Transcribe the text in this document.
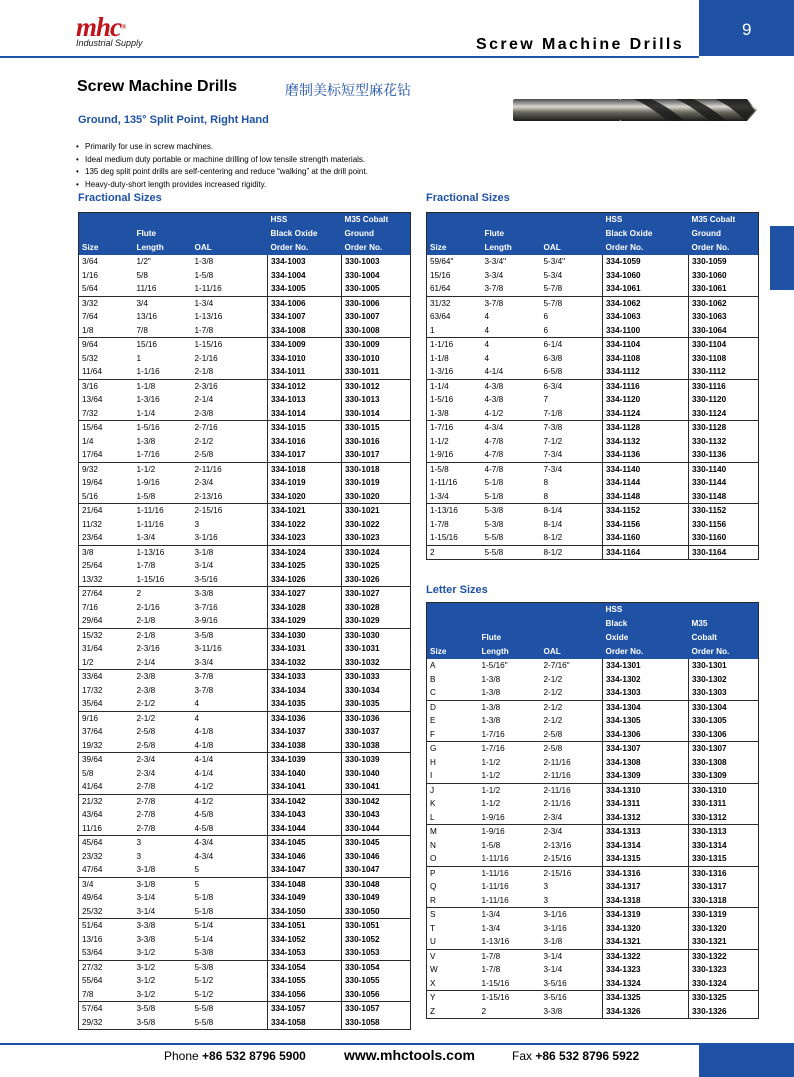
mhc®
Industrial Supply	Screw Machine Drills
9
Screw Machine Drills	磨制美标短型麻花钻
Ground, 135° Split Point, Right Hand
• Primarily for use in screw machines.
• Ideal medium duty portable or machine drilling of low tensile strength materials.
• 135 deg split point drills are self-centering and reduce “walking” at the drill point.
• Heavy-duty-short length provides increased rigidity.
Fractional Sizes	Fractional Sizes
Letter Sizes
			HSS	M35 Cobalt
	Flute		Black Oxide	Ground
Size	Length	OAL	Order No.	Order No.
3/64	1/2"	1-3/8	334-1003	330-1003
1/16	5/8	1-5/8	334-1004	330-1004
5/64	11/16	1-11/16	334-1005	330-1005
3/32	3/4	1-3/4	334-1006	330-1006
7/64	13/16	1-13/16	334-1007	330-1007
1/8	7/8	1-7/8	334-1008	330-1008
9/64	15/16	1-15/16	334-1009	330-1009
5/32	1	2-1/16	334-1010	330-1010
11/64	1-1/16	2-1/8	334-1011	330-1011
3/16	1-1/8	2-3/16	334-1012	330-1012
13/64	1-3/16	2-1/4	334-1013	330-1013
7/32	1-1/4	2-3/8	334-1014	330-1014
15/64	1-5/16	2-7/16	334-1015	330-1015
1/4	1-3/8	2-1/2	334-1016	330-1016
17/64	1-7/16	2-5/8	334-1017	330-1017
9/32	1-1/2	2-11/16	334-1018	330-1018
19/64	1-9/16	2-3/4	334-1019	330-1019
5/16	1-5/8	2-13/16	334-1020	330-1020
21/64	1-11/16	2-15/16	334-1021	330-1021
11/32	1-11/16	3	334-1022	330-1022
23/64	1-3/4	3-1/16	334-1023	330-1023
3/8	1-13/16	3-1/8	334-1024	330-1024
25/64	1-7/8	3-1/4	334-1025	330-1025
13/32	1-15/16	3-5/16	334-1026	330-1026
27/64	2	3-3/8	334-1027	330-1027
7/16	2-1/16	3-7/16	334-1028	330-1028
29/64	2-1/8	3-9/16	334-1029	330-1029
15/32	2-1/8	3-5/8	334-1030	330-1030
31/64	2-3/16	3-11/16	334-1031	330-1031
1/2	2-1/4	3-3/4	334-1032	330-1032
33/64	2-3/8	3-7/8	334-1033	330-1033
17/32	2-3/8	3-7/8	334-1034	330-1034
35/64	2-1/2	4	334-1035	330-1035
9/16	2-1/2	4	334-1036	330-1036
37/64	2-5/8	4-1/8	334-1037	330-1037
19/32	2-5/8	4-1/8	334-1038	330-1038
39/64	2-3/4	4-1/4	334-1039	330-1039
5/8	2-3/4	4-1/4	334-1040	330-1040
41/64	2-7/8	4-1/2	334-1041	330-1041
21/32	2-7/8	4-1/2	334-1042	330-1042
43/64	2-7/8	4-5/8	334-1043	330-1043
11/16	2-7/8	4-5/8	334-1044	330-1044
45/64	3	4-3/4	334-1045	330-1045
23/32	3	4-3/4	334-1046	330-1046
47/64	3-1/8	5	334-1047	330-1047
3/4	3-1/8	5	334-1048	330-1048
49/64	3-1/4	5-1/8	334-1049	330-1049
25/32	3-1/4	5-1/8	334-1050	330-1050
51/64	3-3/8	5-1/4	334-1051	330-1051
13/16	3-3/8	5-1/4	334-1052	330-1052
53/64	3-1/2	5-3/8	334-1053	330-1053
27/32	3-1/2	5-3/8	334-1054	330-1054
55/64	3-1/2	5-1/2	334-1055	330-1055
7/8	3-1/2	5-1/2	334-1056	330-1056
57/64	3-5/8	5-5/8	334-1057	330-1057
29/32	3-5/8	5-5/8	334-1058	330-1058
			HSS	M35 Cobalt
	Flute		Black Oxide	Ground
Size	Length	OAL	Order No.	Order No.
59/64"	3-3/4"	5-3/4"	334-1059	330-1059
15/16	3-3/4	5-3/4	334-1060	330-1060
61/64	3-7/8	5-7/8	334-1061	330-1061
31/32	3-7/8	5-7/8	334-1062	330-1062
63/64	4	6	334-1063	330-1063
1	4	6	334-1100	330-1064
1-1/16	4	6-1/4	334-1104	330-1104
1-1/8	4	6-3/8	334-1108	330-1108
1-3/16	4-1/4	6-5/8	334-1112	330-1112
1-1/4	4-3/8	6-3/4	334-1116	330-1116
1-5/16	4-3/8	7	334-1120	330-1120
1-3/8	4-1/2	7-1/8	334-1124	330-1124
1-7/16	4-3/4	7-3/8	334-1128	330-1128
1-1/2	4-7/8	7-1/2	334-1132	330-1132
1-9/16	4-7/8	7-3/4	334-1136	330-1136
1-5/8	4-7/8	7-3/4	334-1140	330-1140
1-11/16	5-1/8	8	334-1144	330-1144
1-3/4	5-1/8	8	334-1148	330-1148
1-13/16	5-3/8	8-1/4	334-1152	330-1152
1-7/8	5-3/8	8-1/4	334-1156	330-1156
1-15/16	5-5/8	8-1/2	334-1160	330-1160
2	5-5/8	8-1/2	334-1164	330-1164
			HSS	
			Black	M35
	Flute		Oxide	Cobalt
Size	Length	OAL	Order No.	Order No.
A	1-5/16"	2-7/16"	334-1301	330-1301
B	1-3/8	2-1/2	334-1302	330-1302
C	1-3/8	2-1/2	334-1303	330-1303
D	1-3/8	2-1/2	334-1304	330-1304
E	1-3/8	2-1/2	334-1305	330-1305
F	1-7/16	2-5/8	334-1306	330-1306
G	1-7/16	2-5/8	334-1307	330-1307
H	1-1/2	2-11/16	334-1308	330-1308
I	1-1/2	2-11/16	334-1309	330-1309
J	1-1/2	2-11/16	334-1310	330-1310
K	1-1/2	2-11/16	334-1311	330-1311
L	1-9/16	2-3/4	334-1312	330-1312
M	1-9/16	2-3/4	334-1313	330-1313
N	1-5/8	2-13/16	334-1314	330-1314
O	1-11/16	2-15/16	334-1315	330-1315
P	1-11/16	2-15/16	334-1316	330-1316
Q	1-11/16	3	334-1317	330-1317
R	1-11/16	3	334-1318	330-1318
S	1-3/4	3-1/16	334-1319	330-1319
T	1-3/4	3-1/16	334-1320	330-1320
U	1-13/16	3-1/8	334-1321	330-1321
V	1-7/8	3-1/4	334-1322	330-1322
W	1-7/8	3-1/4	334-1323	330-1323
X	1-15/16	3-5/16	334-1324	330-1324
Y	1-15/16	3-5/16	334-1325	330-1325
Z	2	3-3/8	334-1326	330-1326
Phone +86 532 8796 5900	www.mhctools.com	Fax +86 532 8796 5922
